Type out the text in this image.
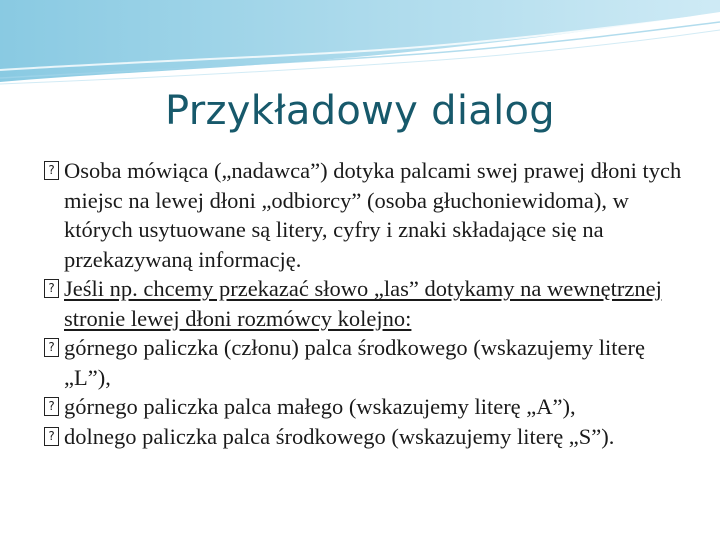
Przykładowy dialog

? Osoba mówiąca („nadawca”) dotyka palcami swej prawej dłoni tych miejsc na lewej dłoni „odbiorcy” (osoba głuchoniewidoma), w których usytuowane są litery, cyfry i znaki składające się na przekazywaną informację.

? Jeśli np. chcemy przekazać słowo „las” dotykamy na wewnętrznej stronie lewej dłoni rozmówcy kolejno:

? górnego paliczka (członu) palca środkowego (wskazujemy literę „L”),

? górnego paliczka palca małego (wskazujemy literę „A”),

? dolnego paliczka palca środkowego (wskazujemy literę „S”).
